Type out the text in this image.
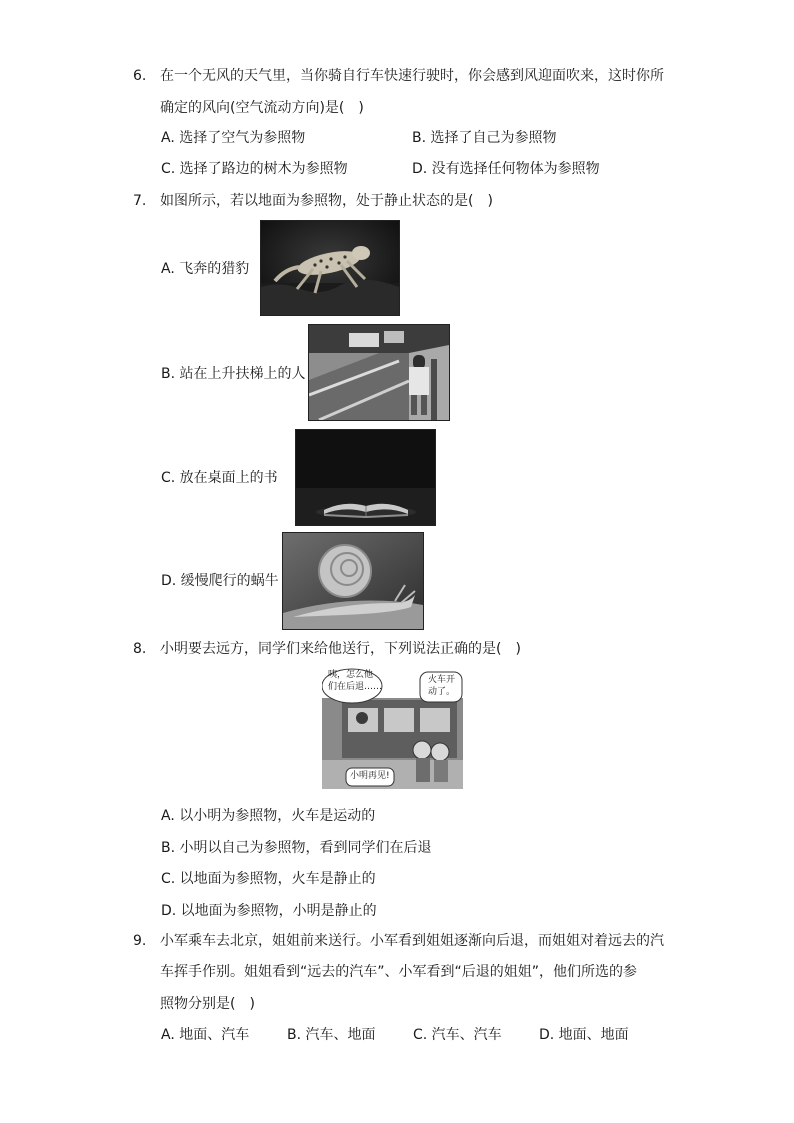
6. 在一个无风的天气里，当你骑自行车快速行驶时，你会感到风迎面吹来，这时你所
确定的风向(空气流动方向)是(　)
A. 选择了空气为参照物	B. 选择了自己为参照物
C. 选择了路边的树木为参照物	D. 没有选择任何物体为参照物
7. 如图所示，若以地面为参照物，处于静止状态的是(　)
A. 飞奔的猎豹
B. 站在上升扶梯上的人
C. 放在桌面上的书
D. 缓慢爬行的蜗牛
8. 小明要去远方，同学们来给他送行，下列说法正确的是(　)
咦，怎么他
们在后退……
火车开
动了。
小明再见!
A. 以小明为参照物，火车是运动的
B. 小明以自己为参照物，看到同学们在后退
C. 以地面为参照物，火车是静止的
D. 以地面为参照物，小明是静止的
9. 小军乘车去北京，姐姐前来送行。小军看到姐姐逐渐向后退，而姐姐对着远去的汽
车挥手作别。姐姐看到“远去的汽车”、小军看到“后退的姐姐”，他们所选的参
照物分别是(　)
A. 地面、汽车	B. 汽车、地面	C. 汽车、汽车	D. 地面、地面
